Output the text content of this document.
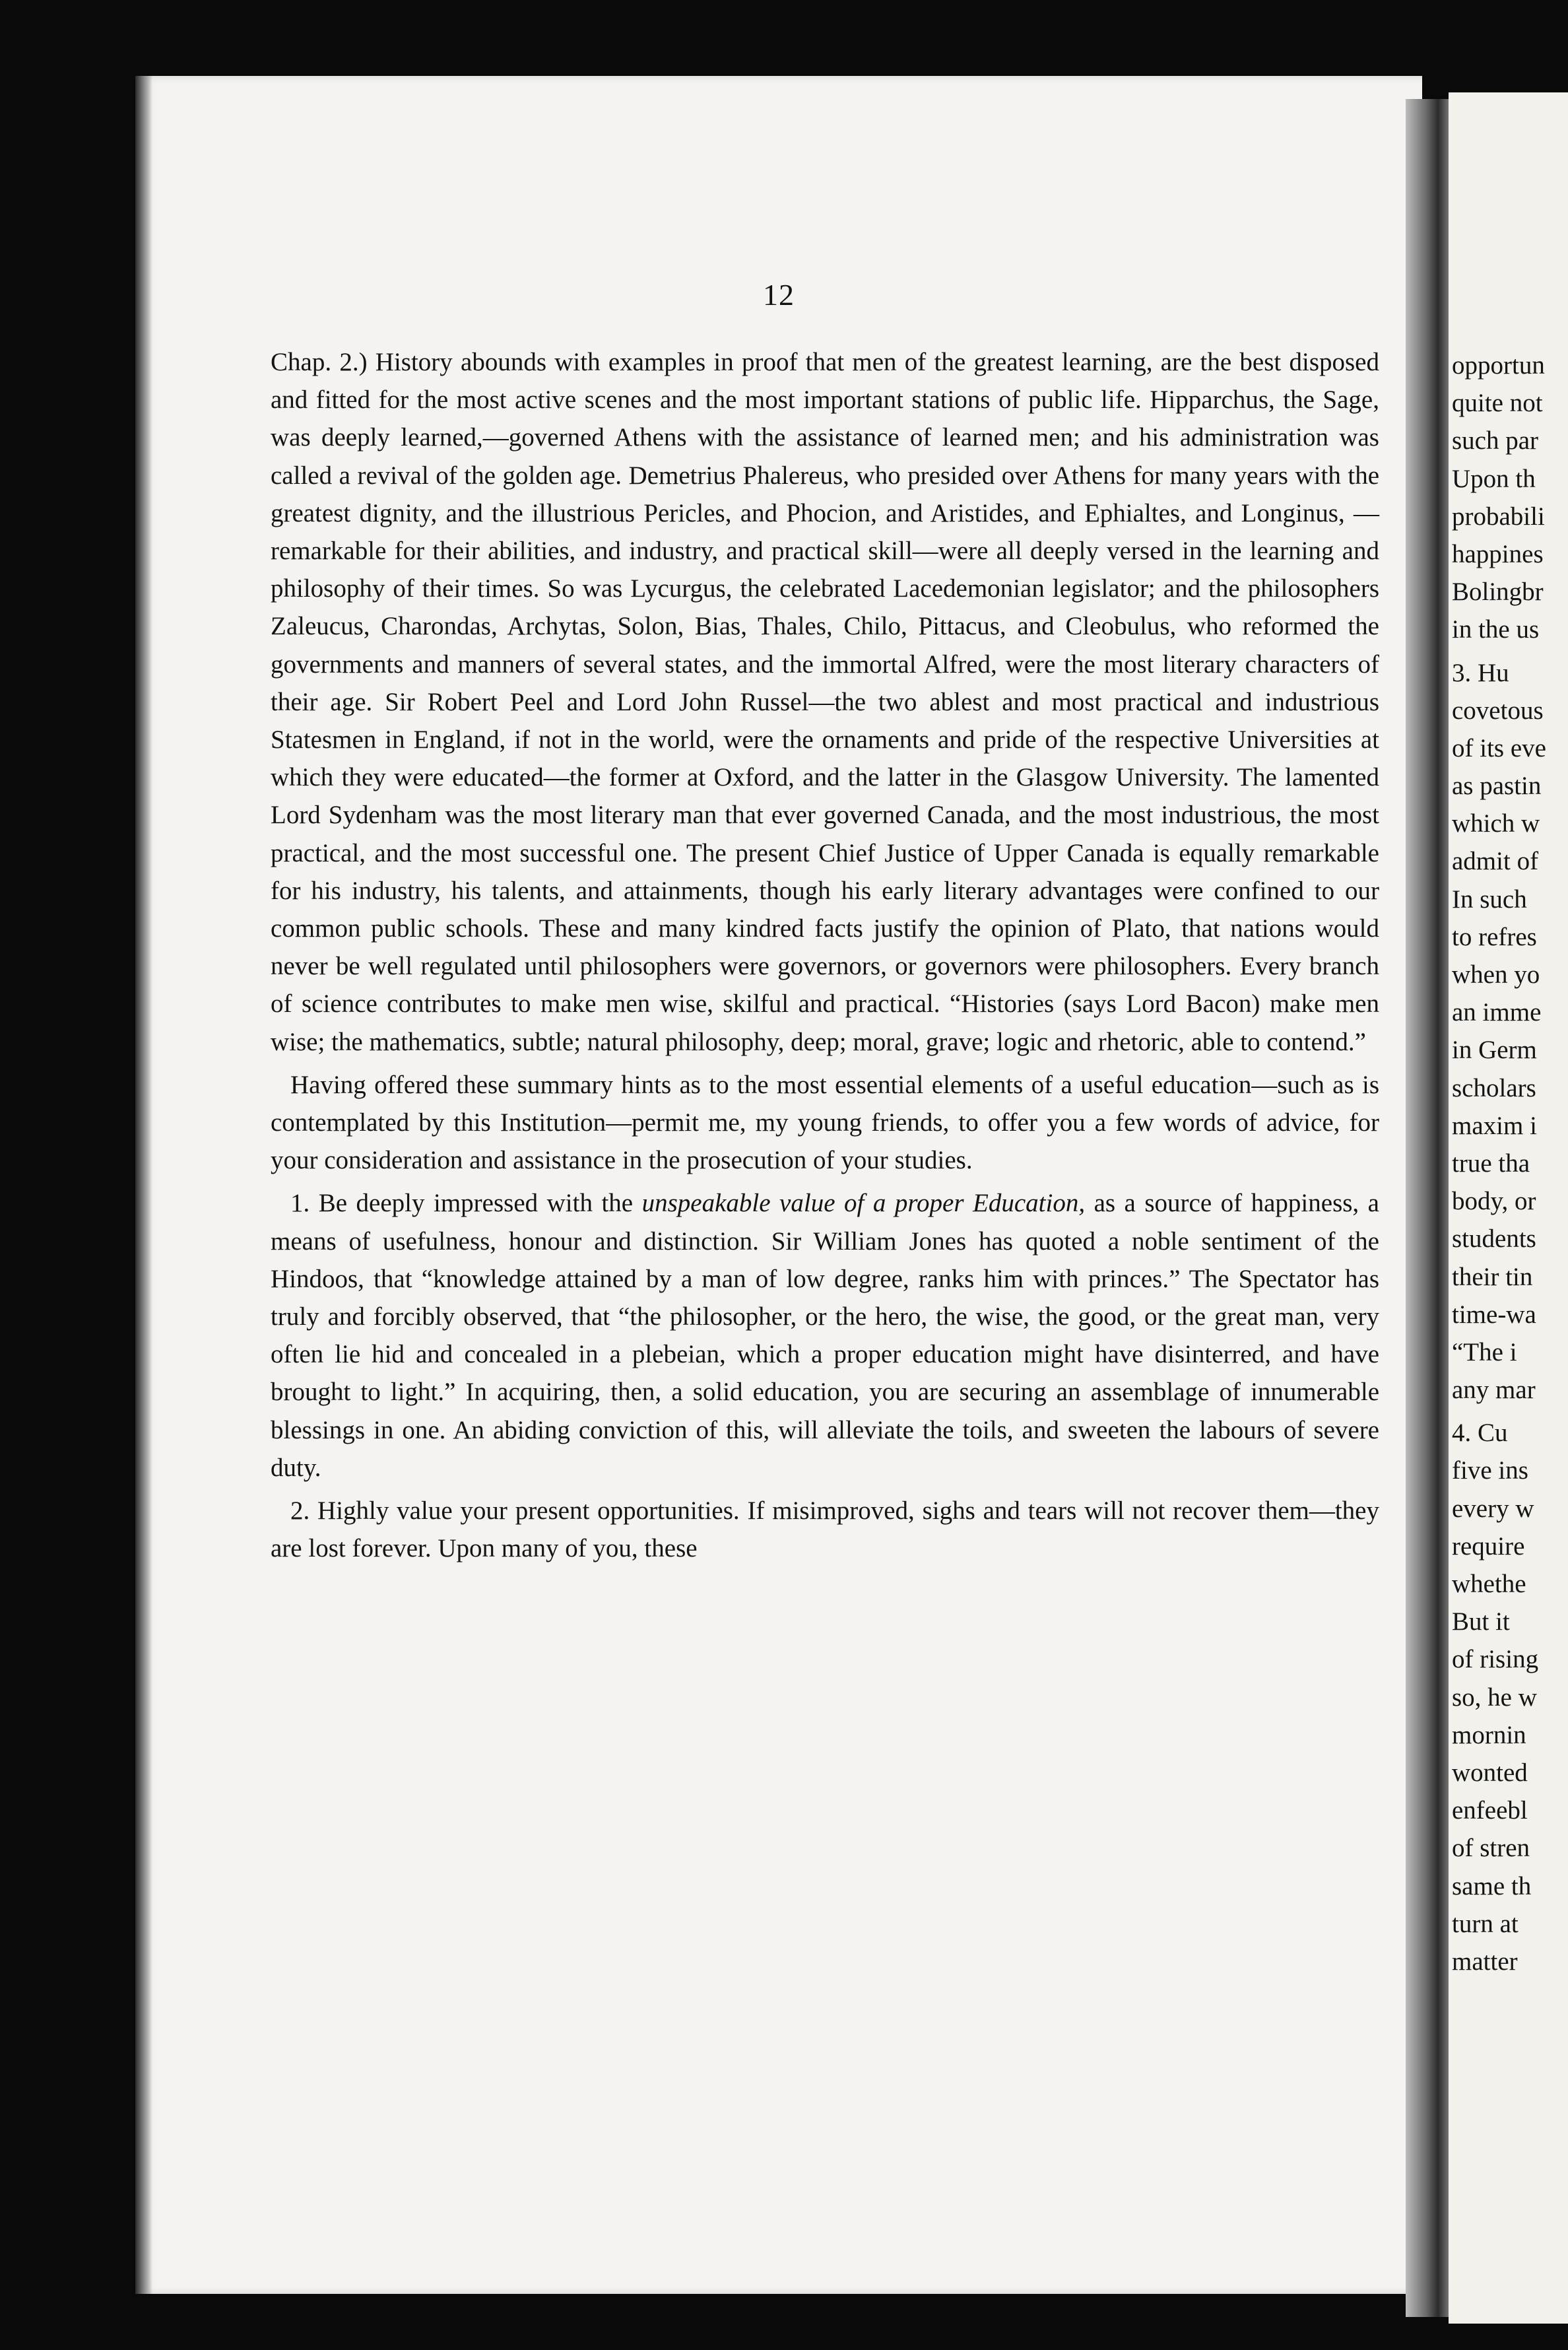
12

Chap. 2.) History abounds with examples in proof that men of the greatest learning, are the best disposed and fitted for the most active scenes and the most important stations of public life. Hipparchus, the Sage, was deeply learned,—governed Athens with the assistance of learned men; and his administration was called a revival of the golden age. Demetrius Phalereus, who presided over Athens for many years with the greatest dignity, and the illustrious Pericles, and Phocion, and Aristides, and Ephialtes, and Longinus, —remarkable for their abilities, and industry, and practical skill—were all deeply versed in the learning and philosophy of their times. So was Lycurgus, the celebrated Lacedemonian legislator; and the philosophers Zaleucus, Charondas, Archytas, Solon, Bias, Thales, Chilo, Pittacus, and Cleobulus, who reformed the governments and manners of several states, and the immortal Alfred, were the most literary characters of their age. Sir Robert Peel and Lord John Russel—the two ablest and most practical and industrious Statesmen in England, if not in the world, were the ornaments and pride of the respective Universities at which they were educated—the former at Oxford, and the latter in the Glasgow University. The lamented Lord Sydenham was the most literary man that ever governed Canada, and the most industrious, the most practical, and the most successful one. The present Chief Justice of Upper Canada is equally remarkable for his industry, his talents, and attainments, though his early literary advantages were confined to our common public schools. These and many kindred facts justify the opinion of Plato, that nations would never be well regulated until philosophers were governors, or governors were philosophers. Every branch of science contributes to make men wise, skilful and practical. “Histories (says Lord Bacon) make men wise; the mathematics, subtle; natural philosophy, deep; moral, grave; logic and rhetoric, able to contend.”

Having offered these summary hints as to the most essential elements of a useful education—such as is contemplated by this Institution—permit me, my young friends, to offer you a few words of advice, for your consideration and assistance in the prosecution of your studies.

1. Be deeply impressed with the unspeakable value of a proper Education, as a source of happiness, a means of usefulness, honour and distinction. Sir William Jones has quoted a noble sentiment of the Hindoos, that “knowledge attained by a man of low degree, ranks him with princes.” The Spectator has truly and forcibly observed, that “the philosopher, or the hero, the wise, the good, or the great man, very often lie hid and concealed in a plebeian, which a proper education might have disinterred, and have brought to light.” In acquiring, then, a solid education, you are securing an assemblage of innumerable blessings in one. An abiding conviction of this, will alleviate the toils, and sweeten the labours of severe duty.

2. Highly value your present opportunities. If misimproved, sighs and tears will not recover them—they are lost forever. Upon many of you, these

opportun
quite not
such par
Upon th
probabili
happines
Bolingbr
in the us
3. Hu
covetous
of its eve
as pastin
which w
admit of
In such
to refres
when yo
an imme
in Germ
scholars
maxim i
true tha
body, or
students
their tin
time-wa
“The i
any mar
4. Cu
five ins
every w
require
whethe
But it
of rising
so, he w
mornin
wonted
enfeebl
of stren
same th
turn at
matter
